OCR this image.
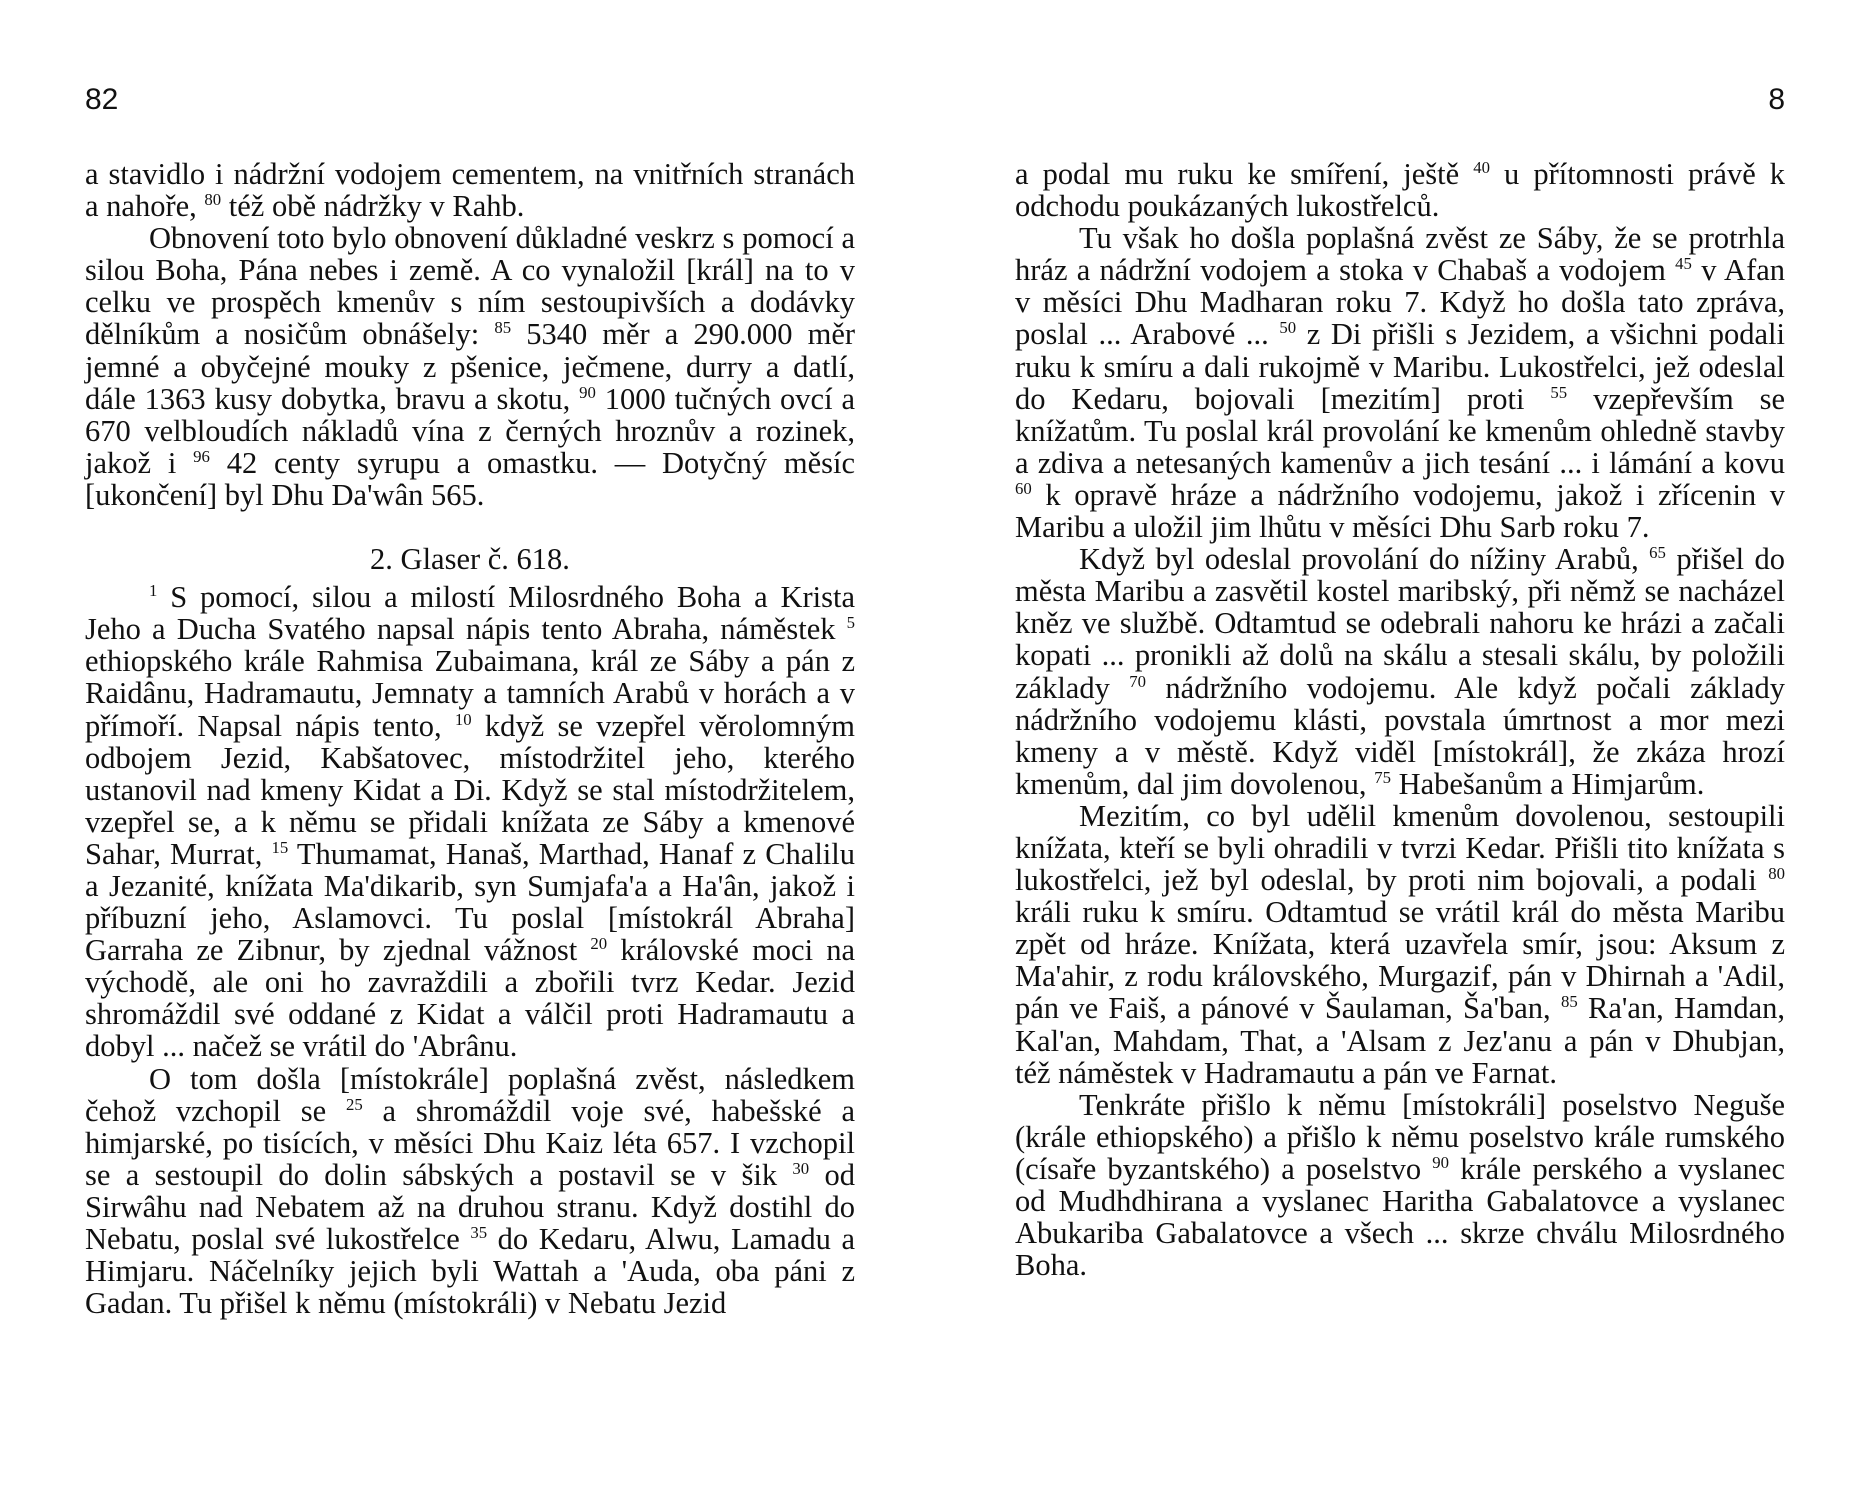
82

a stavidlo i nádržní vodojem cementem, na vnitřních stranách a nahoře, $^{80}$ též obě nádržky v Rahb.

Obnovení toto bylo obnovení důkladné veskrz s pomocí a silou Boha, Pána nebes i země. A co vynaložil [král] na to v celku ve prospěch kmenův s ním sestoupivších a dodávky dělníkům a nosičům obnášely: $^{85}$ 5340 měr a 290.000 měr jemné a obyčejné mouky z pšenice, ječmene, durry a datlí, dále 1363 kusy dobytka, bravu a skotu, $^{90}$ 1000 tučných ovcí a 670 velbloudích nákladů vína z černých hroznův a rozinek, jakož i $^{96}$ 42 centy syrupu a omastku. — Dotyčný měsíc [ukončení] byl Dhu Da'wân 565.

2. Glaser č. 618.

$^1$ S pomocí, silou a milostí Milosrdného Boha a Krista Jeho a Ducha Svatého napsal nápis tento Abraha, náměstek $^5$ ethiopského krále Rahmisa Zubaimana, král ze Sáby a pán z Raidânu, Hadramautu, Jemnaty a tamních Arabů v horách a v přímoří. Napsal nápis tento, $^{10}$ když se vzepřel věrolomným odbojem Jezid, Kabšatovec, místodržitel jeho, kterého ustanovil nad kmeny Kidat a Di. Když se stal místodržitelem, vzepřel se, a k němu se přidali knížata ze Sáby a kmenové Sahar, Murrat, $^{15}$ Thumamat, Hanaš, Marthad, Hanaf z Chalilu a Jezanité, knížata Ma'dikarib, syn Sumjafa'a a Ha'ân, jakož i příbuzní jeho, Aslamovci. Tu poslal [místokrál Abraha] Garraha ze Zibnur, by zjednal vážnost $^{20}$ královské moci na východě, ale oni ho zavraždili a zbořili tvrz Kedar. Jezid shromáždil své oddané z Kidat a válčil proti Hadramautu a dobyl ... načež se vrátil do 'Abrânu.

O tom došla [místokrále] poplašná zvěst, následkem čehož vzchopil se $^{25}$ a shromáždil voje své, habešské a himjarské, po tisících, v měsíci Dhu Kaiz léta 657. I vzchopil se a sestoupil do dolin sábských a postavil se v šik $^{30}$ od Sirwâhu nad Nebatem až na druhou stranu. Když dostihl do Nebatu, poslal své lukostřelce $^{35}$ do Kedaru, Alwu, Lamadu a Himjaru. Náčelníky jejich byli Wattah a 'Auda, oba páni z Gadan. Tu přišel k němu (místokráli) v Nebatu Jezid

8

a podal mu ruku ke smíření, ještě $^{40}$ u přítomnosti právě k odchodu poukázaných lukostřelců.

Tu však ho došla poplašná zvěst ze Sáby, že se protrhla hráz a nádržní vodojem a stoka v Chabaš a vodojem $^{45}$ v Afan v měsíci Dhu Madharan roku 7. Když ho došla tato zpráva, poslal ... Arabové ... $^{50}$ z Di přišli s Jezidem, a všichni podali ruku k smíru a dali rukojmě v Maribu. Lukostřelci, jež odeslal do Kedaru, bojovali [mezitím] proti $^{55}$ vzepřevším se knížatům. Tu poslal král provolání ke kmenům ohledně stavby a zdiva a netesaných kamenův a jich tesání ... i lámání a kovu $^{60}$ k opravě hráze a nádržního vodojemu, jakož i zřícenin v Maribu a uložil jim lhůtu v měsíci Dhu Sarb roku 7.

Když byl odeslal provolání do nížiny Arabů, $^{65}$ přišel do města Maribu a zasvětil kostel maribský, při němž se nacházel kněz ve službě. Odtamtud se odebrali nahoru ke hrázi a začali kopati ... pronikli až dolů na skálu a stesali skálu, by položili základy $^{70}$ nádržního vodojemu. Ale když počali základy nádržního vodojemu klásti, povstala úmrtnost a mor mezi kmeny a v městě. Když viděl [místokrál], že zkáza hrozí kmenům, dal jim dovolenou, $^{75}$ Habešanům a Himjarům.

Mezitím, co byl udělil kmenům dovolenou, sestoupili knížata, kteří se byli ohradili v tvrzi Kedar. Přišli tito knížata s lukostřelci, jež byl odeslal, by proti nim bojovali, a podali $^{80}$ králi ruku k smíru. Odtamtud se vrátil král do města Maribu zpět od hráze. Knížata, která uzavřela smír, jsou: Aksum z Ma'ahir, z rodu královského, Murgazif, pán v Dhirnah a 'Adil, pán ve Faiš, a pánové v Šaulaman, Ša'ban, $^{85}$ Ra'an, Hamdan, Kal'an, Mahdam, That, a 'Alsam z Jez'anu a pán v Dhubjan, též náměstek v Hadramautu a pán ve Farnat.

Tenkráte přišlo k němu [místokráli] poselstvo Neguše (krále ethiopského) a přišlo k němu poselstvo krále rumského (císaře byzantského) a poselstvo $^{90}$ krále perského a vyslanec od Mudhdhirana a vyslanec Haritha Gabalatovce a vyslanec Abukariba Gabalatovce a všech ... skrze chválu Milosrdného Boha.
